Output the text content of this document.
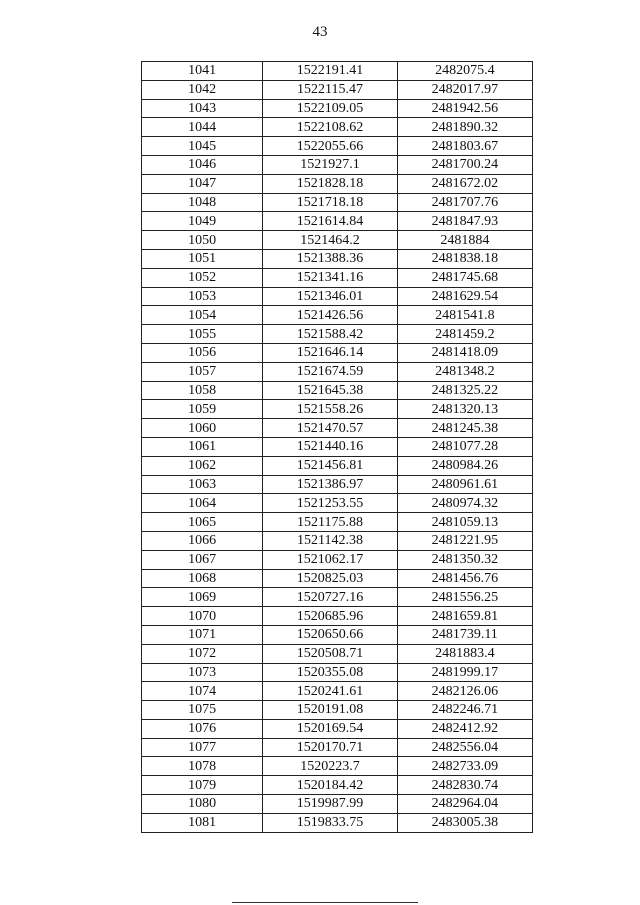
43
1041	1522191.41	2482075.4
1042	1522115.47	2482017.97
1043	1522109.05	2481942.56
1044	1522108.62	2481890.32
1045	1522055.66	2481803.67
1046	1521927.1	2481700.24
1047	1521828.18	2481672.02
1048	1521718.18	2481707.76
1049	1521614.84	2481847.93
1050	1521464.2	2481884
1051	1521388.36	2481838.18
1052	1521341.16	2481745.68
1053	1521346.01	2481629.54
1054	1521426.56	2481541.8
1055	1521588.42	2481459.2
1056	1521646.14	2481418.09
1057	1521674.59	2481348.2
1058	1521645.38	2481325.22
1059	1521558.26	2481320.13
1060	1521470.57	2481245.38
1061	1521440.16	2481077.28
1062	1521456.81	2480984.26
1063	1521386.97	2480961.61
1064	1521253.55	2480974.32
1065	1521175.88	2481059.13
1066	1521142.38	2481221.95
1067	1521062.17	2481350.32
1068	1520825.03	2481456.76
1069	1520727.16	2481556.25
1070	1520685.96	2481659.81
1071	1520650.66	2481739.11
1072	1520508.71	2481883.4
1073	1520355.08	2481999.17
1074	1520241.61	2482126.06
1075	1520191.08	2482246.71
1076	1520169.54	2482412.92
1077	1520170.71	2482556.04
1078	1520223.7	2482733.09
1079	1520184.42	2482830.74
1080	1519987.99	2482964.04
1081	1519833.75	2483005.38
